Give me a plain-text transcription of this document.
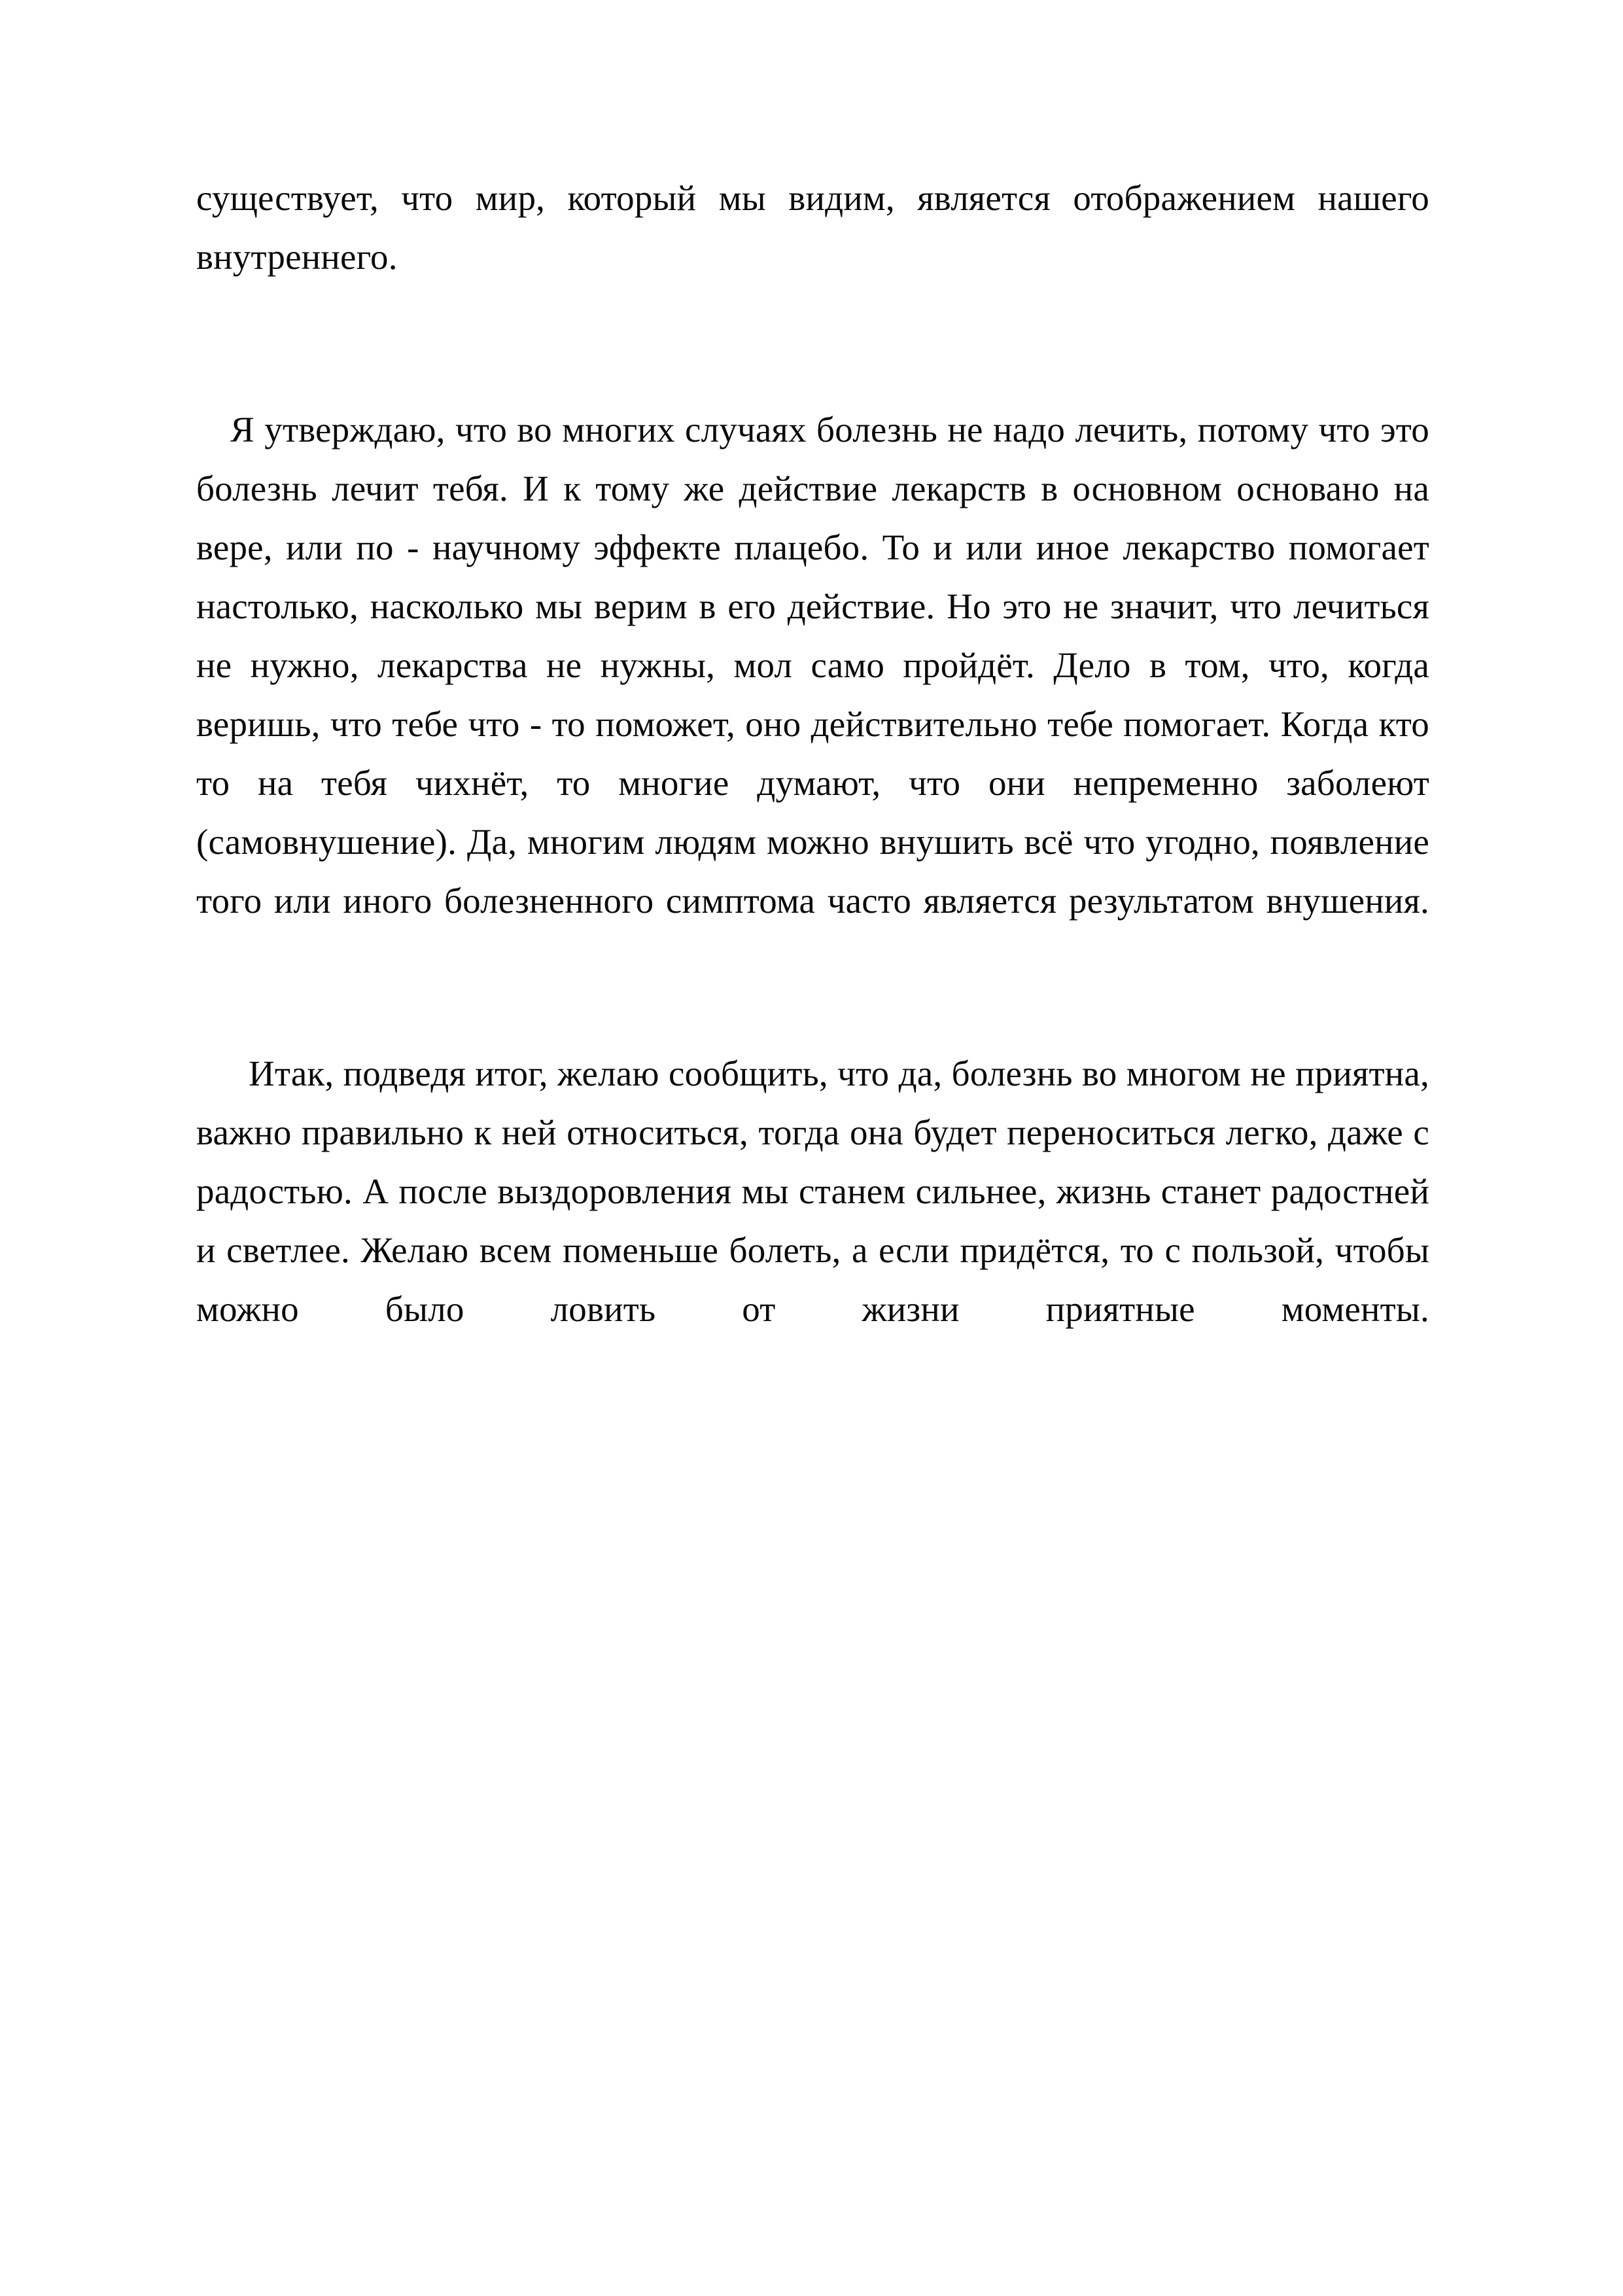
существует, что мир, который мы видим, является отображением нашего внутреннего.

Я утверждаю, что во многих случаях болезнь не надо лечить, потому что это болезнь лечит тебя. И к тому же действие лекарств в основном основано на вере, или по - научному эффекте плацебо. То и или иное лекарство помогает настолько, насколько мы верим в его действие. Но это не значит, что лечиться не нужно, лекарства не нужны, мол само пройдёт. Дело в том, что, когда веришь, что тебе что - то поможет, оно действительно тебе помогает. Когда кто то на тебя чихнёт, то многие думают, что они непременно заболеют (самовнушение). Да, многим людям можно внушить всё что угодно, появление того или иного болезненного симптома часто является результатом внушения.

Итак, подведя итог, желаю сообщить, что да, болезнь во многом не приятна, важно правильно к ней относиться, тогда она будет переноситься легко, даже с радостью. А после выздоровления мы станем сильнее, жизнь станет радостней и светлее. Желаю всем поменьше болеть, а если придётся, то с пользой, чтобы можно было ловить от жизни приятные моменты.
